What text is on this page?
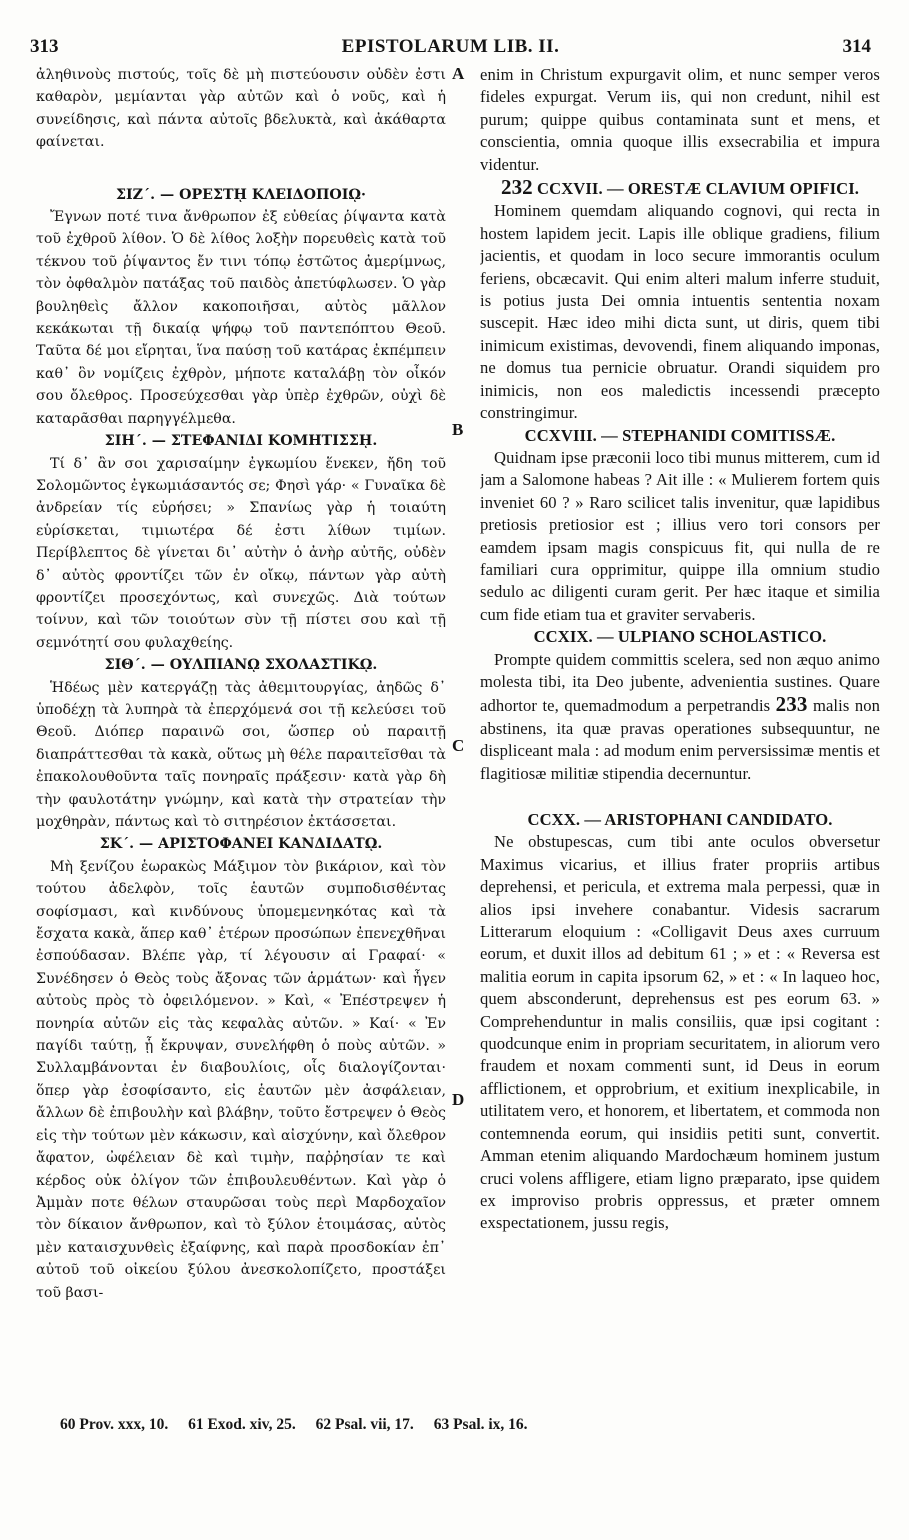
313	EPISTOLARUM LIB. II.	314
A
B
C
D

ἀληθινοὺς πιστούς, τοῖς δὲ μὴ πιστεύουσιν οὐδὲν ἐστι καθαρὸν, μεμίανται γὰρ αὐτῶν καὶ ὁ νοῦς, καὶ ἡ συνείδησις, καὶ πάντα αὐτοῖς βδελυκτὰ, καὶ ἀκάθαρτα φαίνεται.

ΣΙΖ΄. — ΟΡΕΣΤῌ ΚΛΕΙΔΟΠΟΙῼ·

Ἔγνων ποτέ τινα ἄνθρωπον ἐξ εὐθείας ῥίψαντα κατὰ τοῦ ἐχθροῦ λίθον. Ὁ δὲ λίθος λοξὴν πορευθεὶς κατὰ τοῦ τέκνου τοῦ ῥίψαντος ἔν τινι τόπῳ ἑστῶτος ἀμερίμνως, τὸν ὀφθαλμὸν πατάξας τοῦ παιδὸς ἀπετύφλωσεν. Ὁ γὰρ βουληθεὶς ἄλλον κακοποιῆσαι, αὐτὸς μᾶλλον κεκάκωται τῇ δικαίᾳ ψήφῳ τοῦ παντεπόπτου Θεοῦ. Ταῦτα δέ μοι εἴρηται, ἵνα παύσῃ τοῦ κατάρας ἐκπέμπειν καθ᾽ ὃν νομίζεις ἐχθρὸν, μήποτε καταλάβῃ τὸν οἶκόν σου ὄλεθρος. Προσεύχεσθαι γὰρ ὑπὲρ ἐχθρῶν, οὐχὶ δὲ καταρᾶσθαι παρηγγέλμεθα.

ΣΙΗ΄. — ΣΤΕΦΑΝΙΔΙ ΚΟΜΗΤΙΣΣῌ.

Τί δ᾽ ἂν σοι χαρισαίμην ἐγκωμίου ἕνεκεν, ἤδη τοῦ Σολομῶντος ἐγκωμιάσαντός σε; Φησὶ γάρ· « Γυναῖκα δὲ ἀνδρείαν τίς εὑρήσει; » Σπανίως γὰρ ἡ τοιαύτη εὑρίσκεται, τιμιωτέρα δέ ἐστι λίθων τιμίων. Περίβλεπτος δὲ γίνεται δι᾽ αὐτὴν ὁ ἀνὴρ αὐτῆς, οὐδὲν δ᾽ αὐτὸς φροντίζει τῶν ἐν οἴκῳ, πάντων γὰρ αὐτὴ φροντίζει προσεχόντως, καὶ συνεχῶς. Διὰ τούτων τοίνυν, καὶ τῶν τοιούτων σὺν τῇ πίστει σου καὶ τῇ σεμνότητί σου φυλαχθείης.

ΣΙΘ΄. — ΟΥΛΠΙΑΝῼ ΣΧΟΛΑΣΤΙΚῼ.

Ἡδέως μὲν κατεργάζῃ τὰς ἀθεμιτουργίας, ἀηδῶς δ᾽ ὑποδέχῃ τὰ λυπηρὰ τὰ ἐπερχόμενά σοι τῇ κελεύσει τοῦ Θεοῦ. Διόπερ παραινῶ σοι, ὥσπερ οὐ παραιτῇ διαπράττεσθαι τὰ κακὰ, οὕτως μὴ θέλε παραιτεῖσθαι τὰ ἐπακολουθοῦντα ταῖς πονηραῖς πράξεσιν· κατὰ γὰρ δὴ τὴν φαυλοτάτην γνώμην, καὶ κατὰ τὴν στρατείαν τὴν μοχθηρὰν, πάντως καὶ τὸ σιτηρέσιον ἐκτάσσεται.

ΣΚ΄. — ΑΡΙΣΤΟΦΑΝΕΙ ΚΑΝΔΙΔΑΤῼ.

Μὴ ξενίζου ἑωρακὼς Μάξιμον τὸν βικάριον, καὶ τὸν τούτου ἀδελφὸν, τοῖς ἑαυτῶν συμποδισθέντας σοφίσμασι, καὶ κινδύνους ὑπομεμενηκότας καὶ τὰ ἔσχατα κακὰ, ἅπερ καθ᾽ ἑτέρων προσώπων ἐπενεχθῆναι ἐσπούδασαν. Βλέπε γὰρ, τί λέγουσιν αἱ Γραφαί· « Συνέδησεν ὁ Θεὸς τοὺς ἄξονας τῶν ἁρμάτων· καὶ ἦγεν αὐτοὺς πρὸς τὸ ὀφειλόμενον. » Καὶ, « Ἐπέστρεψεν ἡ πονηρία αὐτῶν εἰς τὰς κεφαλὰς αὐτῶν. » Καί· « Ἐν παγίδι ταύτῃ, ᾗ ἔκρυψαν, συνελήφθη ὁ ποὺς αὐτῶν. » Συλλαμβάνονται ἐν διαβουλίοις, οἷς διαλογίζονται· ὅπερ γὰρ ἐσοφίσαντο, εἰς ἑαυτῶν μὲν ἀσφάλειαν, ἄλλων δὲ ἐπιβουλὴν καὶ βλάβην, τοῦτο ἔστρεψεν ὁ Θεὸς εἰς τὴν τούτων μὲν κάκωσιν, καὶ αἰσχύνην, καὶ ὄλεθρον ἄφατον, ὠφέλειαν δὲ καὶ τιμὴν, παῤῥησίαν τε καὶ κέρδος οὐκ ὀλίγον τῶν ἐπιβουλευθέντων. Καὶ γὰρ ὁ Ἀμμὰν ποτε θέλων σταυρῶσαι τοὺς περὶ Μαρδοχαῖον τὸν δίκαιον ἄνθρωπον, καὶ τὸ ξύλον ἑτοιμάσας, αὐτὸς μὲν καταισχυνθεὶς ἐξαίφνης, καὶ παρὰ προσδοκίαν ἐπ᾽ αὐτοῦ τοῦ οἰκείου ξύλου ἀνεσκολοπίζετο, προστάξει τοῦ βασι-

enim in Christum expurgavit olim, et nunc semper veros fideles expurgat. Verum iis, qui non credunt, nihil est purum; quippe quibus contaminata sunt et mens, et conscientia, omnia quoque illis exsecrabilia et impura videntur.

232 CCXVII. — ORESTÆ CLAVIUM OPIFICI.

Hominem quemdam aliquando cognovi, qui recta in hostem lapidem jecit. Lapis ille oblique gradiens, filium jacientis, et quodam in loco secure immorantis oculum feriens, obcæcavit. Qui enim alteri malum inferre studuit, is potius justa Dei omnia intuentis sententia noxam suscepit. Hæc ideo mihi dicta sunt, ut diris, quem tibi inimicum existimas, devovendi, finem aliquando imponas, ne domus tua pernicie obruatur. Orandi siquidem pro inimicis, non eos maledictis incessendi præcepto constringimur.

CCXVIII. — STEPHANIDI COMITISSÆ.

Quidnam ipse præconii loco tibi munus mitterem, cum id jam a Salomone habeas ? Ait ille : « Mulierem fortem quis inveniet 60 ? » Raro scilicet talis invenitur, quæ lapidibus pretiosis pretiosior est ; illius vero tori consors per eamdem ipsam magis conspicuus fit, qui nulla de re familiari cura opprimitur, quippe illa omnium studio sedulo ac diligenti curam gerit. Per hæc itaque et similia cum fide etiam tua et graviter servaberis.

CCXIX. — ULPIANO SCHOLASTICO.

Prompte quidem committis scelera, sed non æquo animo molesta tibi, ita Deo jubente, advenientia sustines. Quare adhortor te, quemadmodum a perpetrandis 233 malis non abstinens, ita quæ pravas operationes subsequuntur, ne displiceant mala : ad modum enim perversissimæ mentis et flagitiosæ militiæ stipendia decernuntur.

CCXX. — ARISTOPHANI CANDIDATO.

Ne obstupescas, cum tibi ante oculos obversetur Maximus vicarius, et illius frater propriis artibus deprehensi, et pericula, et extrema mala perpessi, quæ in alios ipsi invehere conabantur. Videsis sacrarum Litterarum eloquium : «Colligavit Deus axes curruum eorum, et duxit illos ad debitum 61 ; » et : « Reversa est malitia eorum in capita ipsorum 62, » et : « In laqueo hoc, quem absconderunt, deprehensus est pes eorum 63. » Comprehenduntur in malis consiliis, quæ ipsi cogitant : quodcunque enim in propriam securitatem, in aliorum vero fraudem et noxam commenti sunt, id Deus in eorum afflictionem, et opprobrium, et exitium inexplicabile, in utilitatem vero, et honorem, et libertatem, et commoda non contemnenda eorum, qui insidiis petiti sunt, convertit. Amman etenim aliquando Mardochæum hominem justum cruci volens affligere, etiam ligno præparato, ipse quidem ex improviso probris oppressus, et præter omnem exspectationem, jussu regis,

60 Prov. xxx, 10. 61 Exod. xiv, 25. 62 Psal. vii, 17. 63 Psal. ix, 16.
